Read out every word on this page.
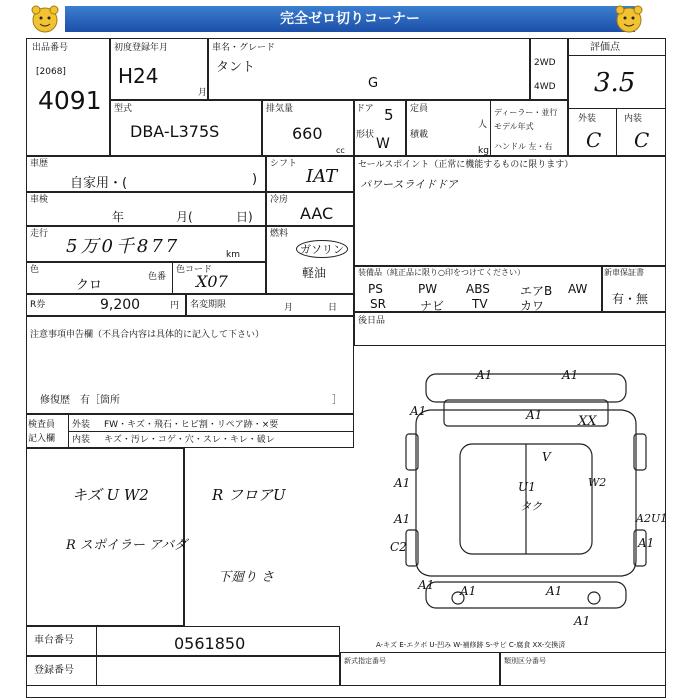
完全ゼロ切りコーナー
出品番号
[2068]
4091
初度登録年月
H24
月
車名・グレード
タント
G
2WD
4WD
評価点
3.5
外装	内装
C C
型式
DBA-L375S
排気量
660
cc
ドア 5
形状
W
定員
人
積載
kg
ディーラー・並行
モデル年式
ハンドル 左・右
車歴
自家用・(	)
シフト
IAT
車検
年	月(	日)
冷房
AAC
走行
5万0千877	km
燃料
ガソリン
軽油
色
クロ
色番
色コード
X07
R券	9,200	円 名変期限	月	日
セールスポイント（正常に機能するものに限ります）
パワースライドドア
装備品（純正品に限り○印をつけてください）
PS	PW ABS	エアB AW
SR	ナビ TV	カワ
新車保証書
有・無
後日品
注意事項申告欄（不具合内容は具体的に記入して下さい）
修復歴　有［箇所	］
検査員
記入欄
外装
内装
FW・キズ・飛石・ヒビ割・リペア跡・×要
キズ・汚レ・コゲ・穴・スレ・キレ・破レ
キズ U W2	R フロアU
R スポイラー アバダ
下廻り さ
A1	A1
A1	A1	XX
V
U1
タク
A1	W2
A1	A2U1
C2	A1
A1 A1	A1
A1
A-キズ E-エクボ U-凹み W-補修跡 S-サビ C-腐食 XX-交換済
車台番号	0561850
登録番号
新式指定番号	類別区分番号
